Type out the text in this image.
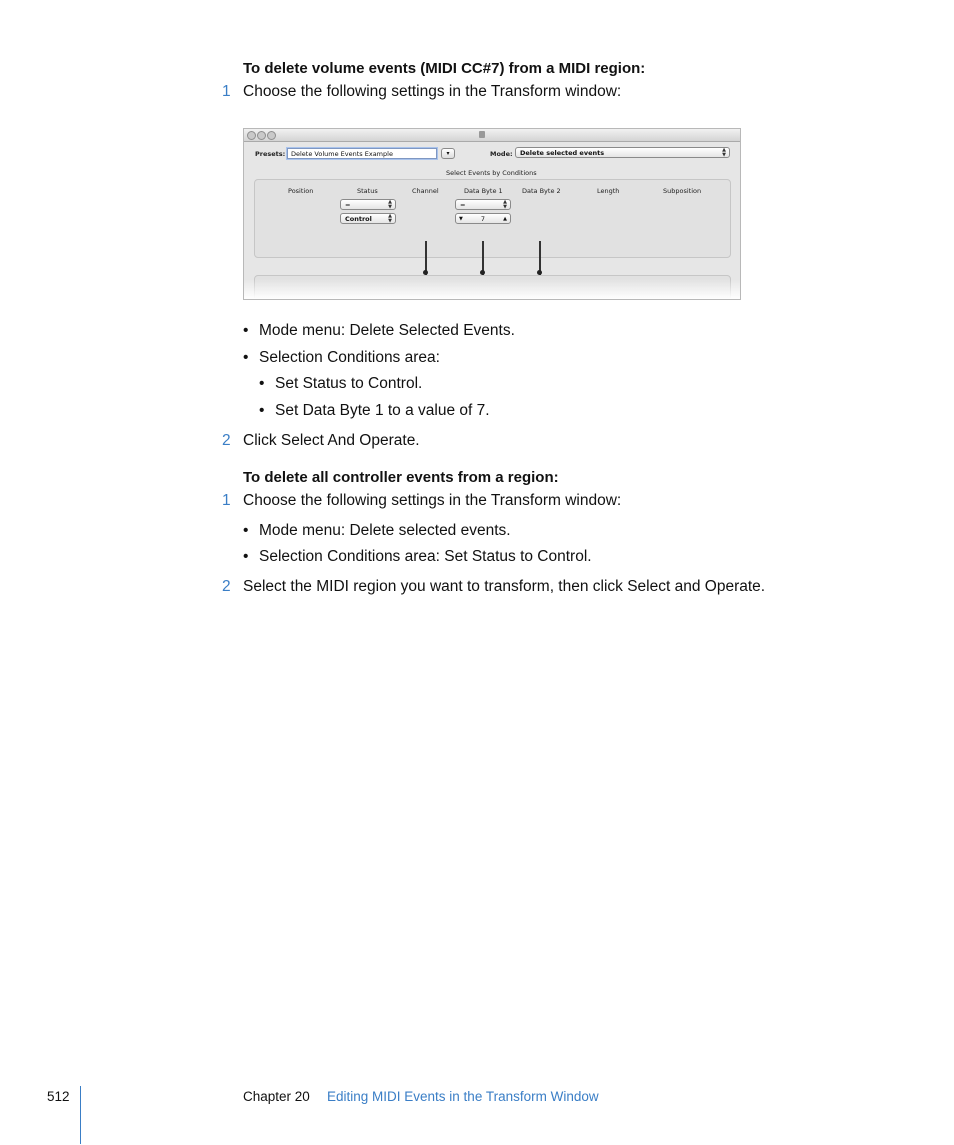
To delete volume events (MIDI CC#7) from a MIDI region:
1 Choose the following settings in the Transform window:
Presets: Delete Volume Events Example	▾	Mode:	Delete selected events	▲
▼
Select Events by Conditions
Position	Status	Channel	Data Byte 1	Data Byte 2	Length	Subposition
=	▲
▼
Control	▲
▼
=	▲
▼
▼	7	▲
• Mode menu: Delete Selected Events.
• Selection Conditions area:
• Set Status to Control.
• Set Data Byte 1 to a value of 7.
2 Click Select And Operate.
To delete all controller events from a region:
1 Choose the following settings in the Transform window:
• Mode menu: Delete selected events.
• Selection Conditions area: Set Status to Control.
2 Select the MIDI region you want to transform, then click Select and Operate.
512	Chapter 20 Editing MIDI Events in the Transform Window
